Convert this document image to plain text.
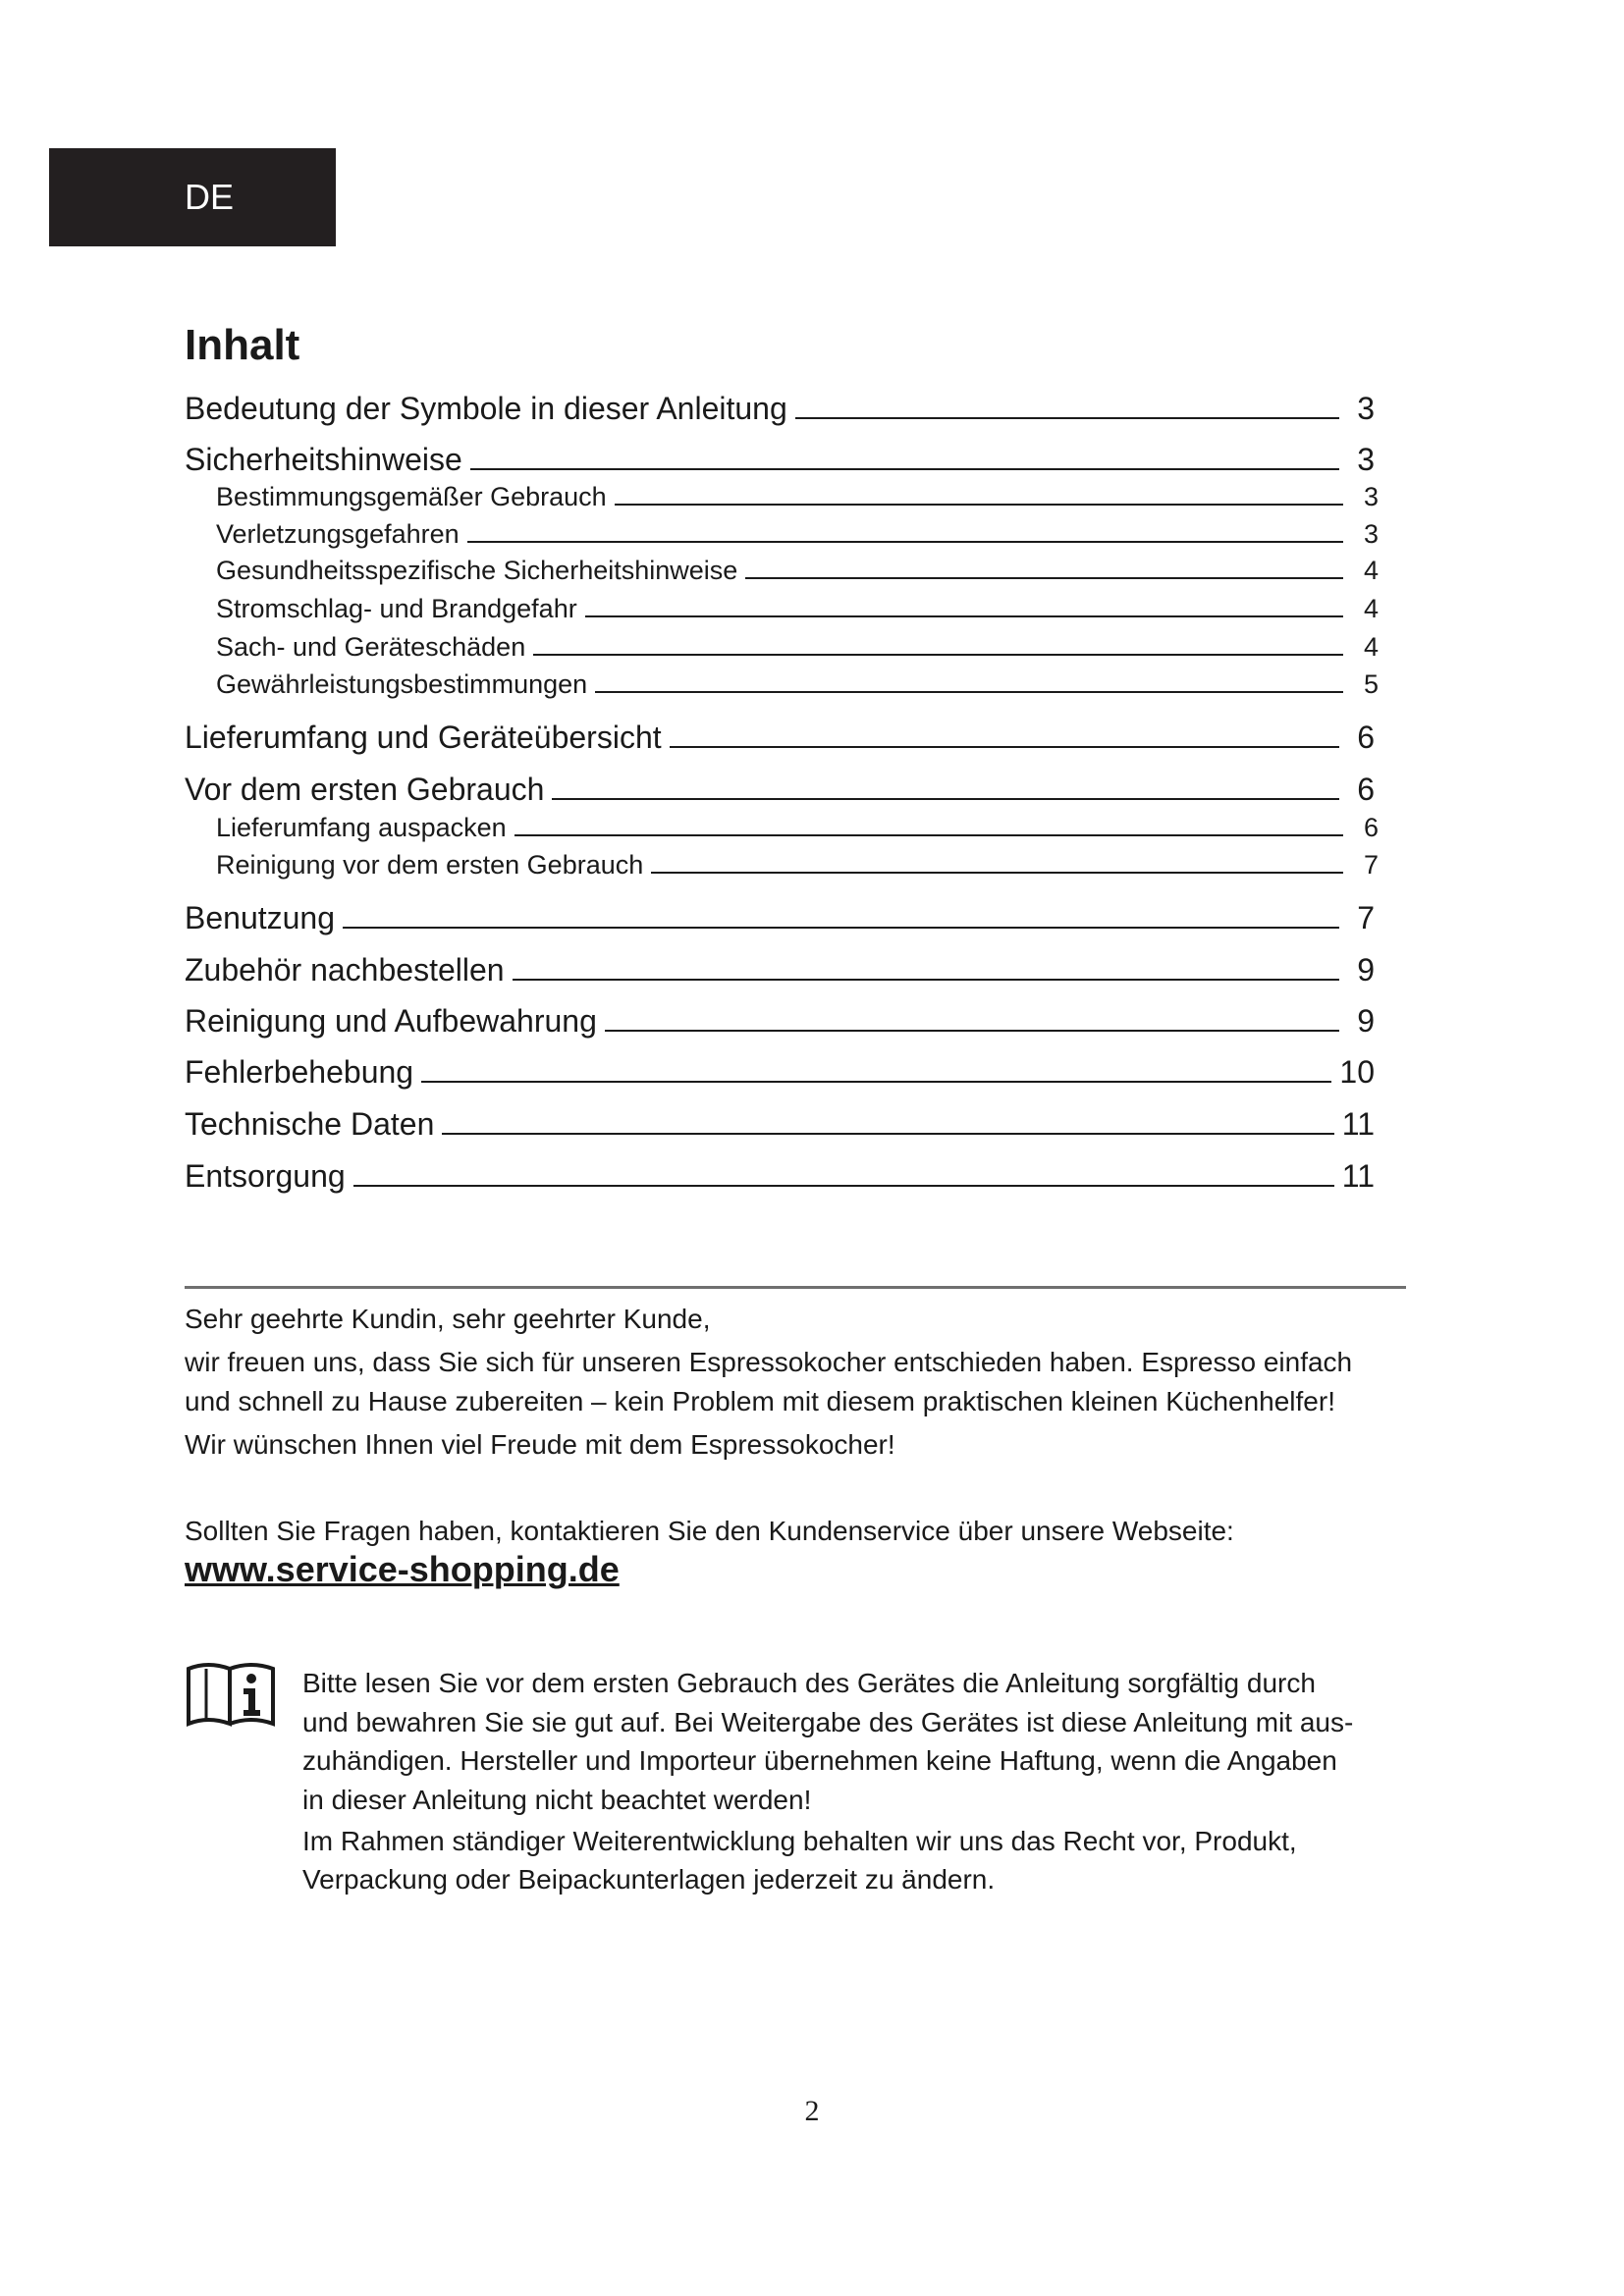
DE
Inhalt
Bedeutung der Symbole in dieser Anleitung	3
Sicherheitshinweise	3
Bestimmungsgemäßer Gebrauch	3
Verletzungsgefahren	3
Gesundheitsspezifische Sicherheitshinweise	4
Stromschlag- und Brandgefahr	4
Sach- und Geräteschäden	4
Gewährleistungsbestimmungen	5
Lieferumfang und Geräteübersicht	6
Vor dem ersten Gebrauch	6
Lieferumfang auspacken	6
Reinigung vor dem ersten Gebrauch	7
Benutzung	7
Zubehör nachbestellen	9
Reinigung und Aufbewahrung	9
Fehlerbehebung	10
Technische Daten	11
Entsorgung	11

Sehr geehrte Kundin, sehr geehrter Kunde,

wir freuen uns, dass Sie sich für unseren Espressokocher entschieden haben. Espresso einfach

und schnell zu Hause zubereiten – kein Problem mit diesem praktischen kleinen Küchenhelfer!

Wir wünschen Ihnen viel Freude mit dem Espressokocher!

Sollten Sie Fragen haben, kontaktieren Sie den Kundenservice über unsere Webseite:

www.service-shopping.de

Bitte lesen Sie vor dem ersten Gebrauch des Gerätes die Anleitung sorgfältig durch

und bewahren Sie sie gut auf. Bei Weitergabe des Gerätes ist diese Anleitung mit aus-

zuhändigen. Hersteller und Importeur übernehmen keine Haftung, wenn die Angaben

in dieser Anleitung nicht beachtet werden!

Im Rahmen ständiger Weiterentwicklung behalten wir uns das Recht vor, Produkt,

Verpackung oder Beipackunterlagen jederzeit zu ändern.

2
